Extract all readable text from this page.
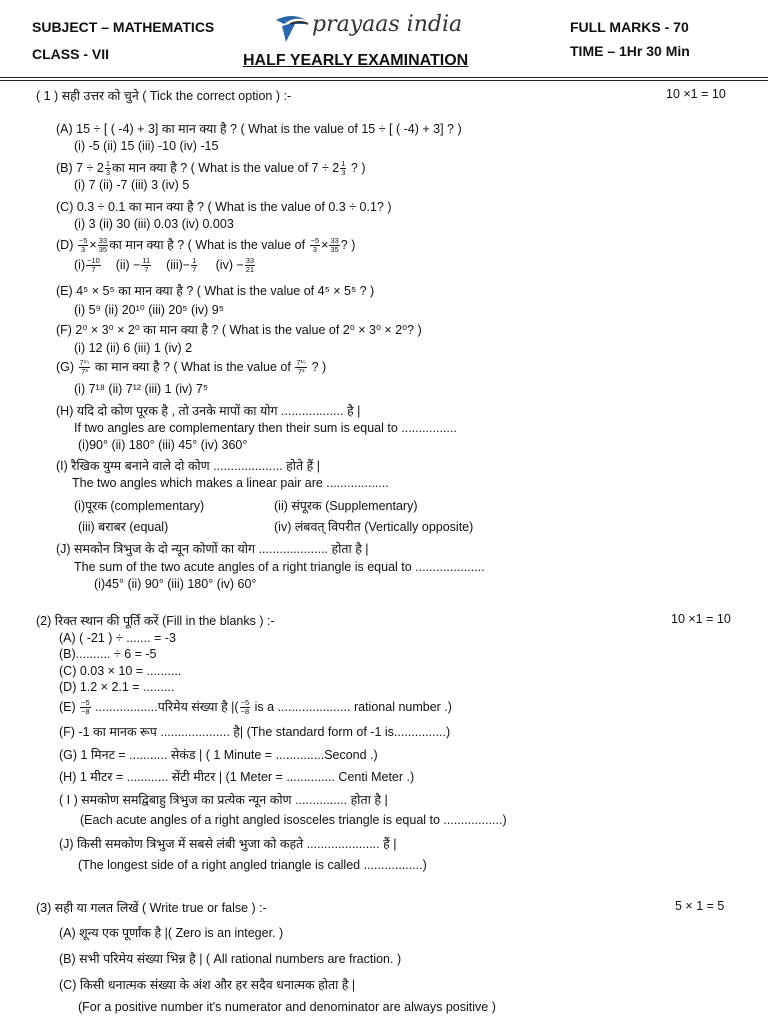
SUBJECT – MATHEMATICS
CLASS - VII
prayaas india	FULL MARKS - 70
TIME – 1Hr 30 Min
HALF YEARLY EXAMINATION
( 1 ) सही उत्तर को चुने ( Tick the correct option ) :-	10 ×1 = 10
(A) 15 ÷ [ ( -4) + 3] का मान क्या है ? ( What is the value of 15 ÷ [ ( -4) + 3] ? )
(i) -5 (ii) 15 (iii) -10 (iv) -15
(B) $7 \div 2 \frac{1}{3}$ का मान क्या है ? ( What is the value of $7 \div 2 \frac{1}{3}$ ? )
(i) 7 (ii) -7 (iii) 3 (iv) 5
(C) 0.3 ÷ 0.1 का मान क्या है ? ( What is the value of 0.3 ÷ 0.1? )
(i) 3 (ii) 30 (iii) 0.03 (iv) 0.003
$(D) \frac{-5}{3} \times \frac{33}{35}$ का मान क्या है ? ( What is the value of $\frac{-5}{3} \times \frac{33}{35}$ ? )
$(i) \frac{-10}{7} (ii) - \frac{11}{7} (iii)- \frac{1}{7} (iv) - \frac{33}{21}$
(E) 4⁵ × 5⁵ का मान क्या है ? ( What is the value of 4⁵ × 5⁵ ? )
(i) 5⁹ (ii) 20¹⁰ (iii) 20⁵ (iv) 9⁵
(F) 2⁰ × 3⁰ × 2⁰ का मान क्या है ? ( What is the value of 2⁰ × 3⁰ × 2⁰? )
(i) 12 (ii) 6 (iii) 1 (iv) 2
$(G) \frac{\text{7¹⁵}}{\text{7³}}$ का मान क्या है ? ( What is the value of $\frac{\text{7¹⁵}}{\text{7³}}$ ? )
(i) 7¹⁸ (ii) 7¹² (iii) 1 (iv) 7⁵
(H) यदि दो कोण पूरक है , तो उनके मापों का योग .................. है |
If two angles are complementary then their sum is equal to ................
(i)90° (ii) 180° (iii) 45° (iv) 360°
(I) रैखिक युग्म बनाने वाले दो कोण .................... होते हैं |
The two angles which makes a linear pair are ..................
(i)पूरक (complementary)	(ii) संपूरक (Supplementary)
(iii) बराबर (equal)	(iv) लंबवत् विपरीत (Vertically opposite)
(J) समकोन त्रिभुज के दो न्यून कोणों का योग .................... होता है |
The sum of the two acute angles of a right triangle is equal to ....................
(i)45° (ii) 90° (iii) 180° (iv) 60°
(2) रिक्त स्थान की पूर्ति करें (Fill in the blanks ) :-	10 ×1 = 10
(A) ( -21 ) ÷ ....... = -3
(B).......... ÷ 6 = -5
(C) 0.03 × 10 = ..........
(D) 1.2 × 2.1 = .........
$(E) \frac{-5}{-8}$ ..................परिमेय संख्या है |( $\frac{-5}{-8}$ is a ..................... rational number .)
(F) -1 का मानक रूप .................... है| (The standard form of -1 is...............)
(G) 1 मिनट = ........... सेकंड | ( 1 Minute = ..............Second .)
(H) 1 मीटर = ............ सेंटी मीटर | (1 Meter = .............. Centi Meter .)
( I ) समकोण समद्विबाहु त्रिभुज का प्रत्येक न्यून कोण ............... होता है |
(Each acute angles of a right angled isosceles triangle is equal to .................)
(J) किसी समकोण त्रिभुज में सबसे लंबी भुजा को कहते ..................... हैं |
(The longest side of a right angled triangle is called .................)
(3) सही या गलत लिखें ( Write true or false ) :-	5 × 1 = 5
(A) शून्य एक पूर्णांक है |( Zero is an integer. )
(B) सभी परिमेय संख्या भिन्न है | ( All rational numbers are fraction. )
(C) किसी धनात्मक संख्या के अंश और हर सदैव धनात्मक होता है |
(For a positive number it's numerator and denominator are always positive )
